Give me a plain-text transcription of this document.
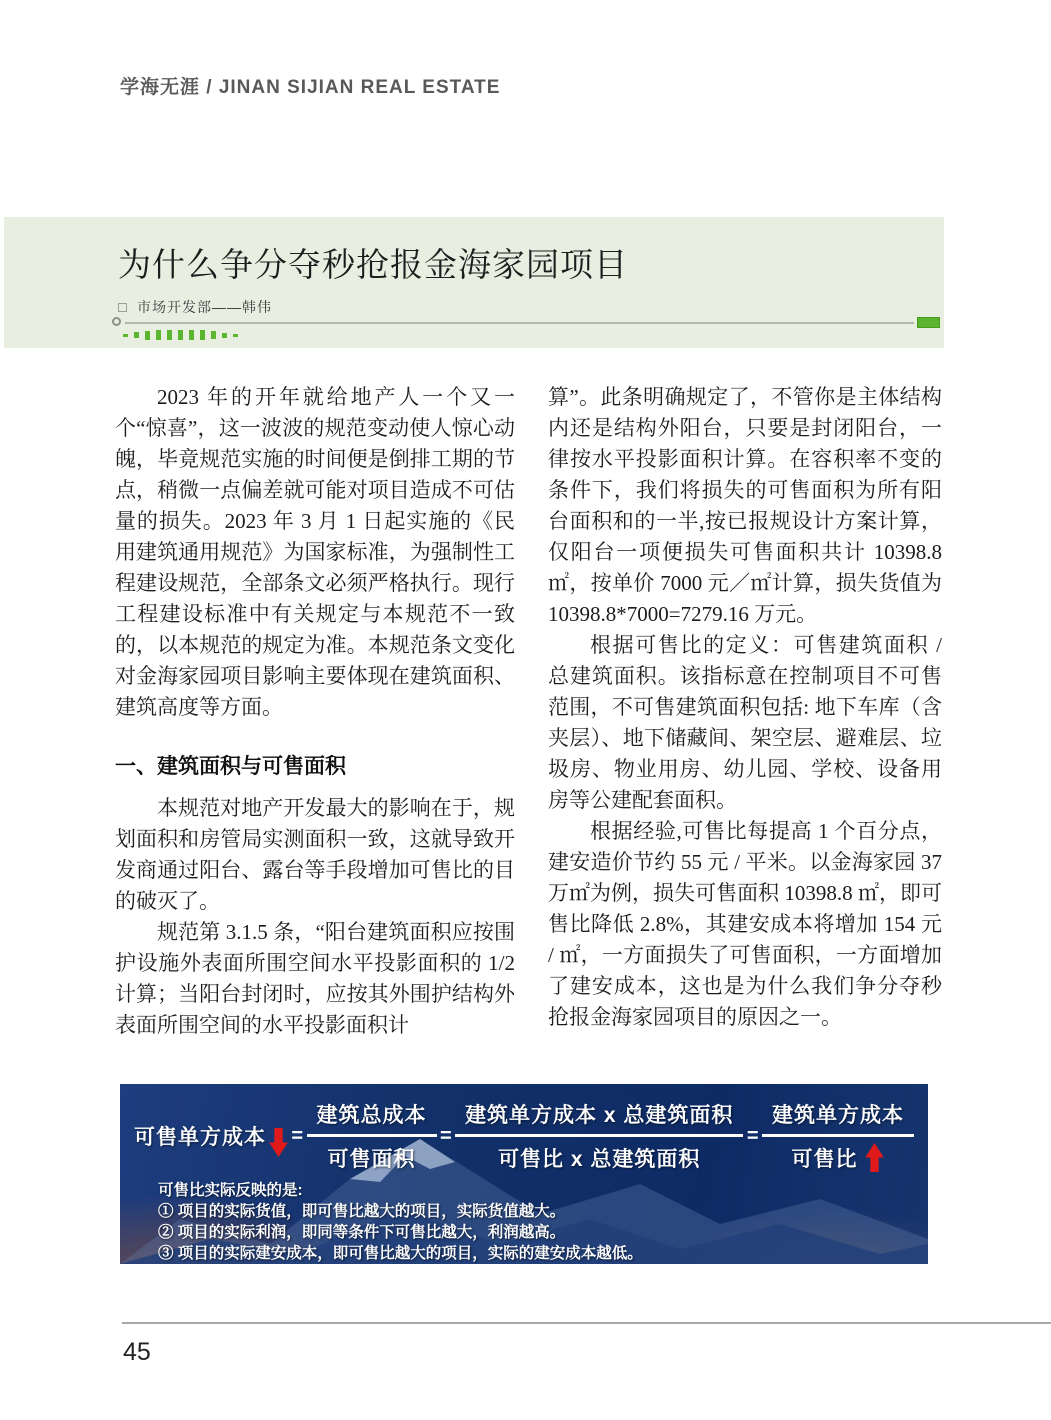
学海无涯 / JINAN SIJIAN REAL ESTATE
为什么争分夺秒抢报金海家园项目
市场开发部——韩伟

2023 年的开年就给地产人一个又一个“惊喜”，这一波波的规范变动使人惊心动魄，毕竟规范实施的时间便是倒排工期的节点，稍微一点偏差就可能对项目造成不可估量的损失。2023 年 3 月 1 日起实施的《民用建筑通用规范》为国家标准，为强制性工程建设规范，全部条文必须严格执行。现行工程建设标准中有关规定与本规范不一致的，以本规范的规定为准。本规范条文变化对金海家园项目影响主要体现在建筑面积、建筑高度等方面。

一、建筑面积与可售面积

本规范对地产开发最大的影响在于，规划面积和房管局实测面积一致，这就导致开发商通过阳台、露台等手段增加可售比的目的破灭了。

规范第 3.1.5 条，“阳台建筑面积应按围护设施外表面所围空间水平投影面积的 1/2 计算；当阳台封闭时，应按其外围护结构外表面所围空间的水平投影面积计

算”。此条明确规定了，不管你是主体结构内还是结构外阳台，只要是封闭阳台，一律按水平投影面积计算。在容积率不变的条件下，我们将损失的可售面积为所有阳台面积和的一半,按已报规设计方案计算，仅阳台一项便损失可售面积共计 10398.8 ㎡，按单价 7000 元／㎡计算，损失货值为 10398.8*7000=7279.16 万元。

根据可售比的定义：可售建筑面积 / 总建筑面积。该指标意在控制项目不可售范围，不可售建筑面积包括: 地下车库（含夹层）、地下储藏间、架空层、避难层、垃圾房、物业用房、幼儿园、学校、设备用房等公建配套面积。

根据经验,可售比每提高 1 个百分点，建安造价节约 55 元 / 平米。以金海家园 37 万㎡为例，损失可售面积 10398.8 ㎡，即可售比降低 2.8%，其建安成本将增加 154 元 / ㎡，一方面损失了可售面积，一方面增加了建安成本，这也是为什么我们争分夺秒抢报金海家园项目的原因之一。

可售单方成本 = $\frac{\text{建筑总成本}}{\text{可售面积}} = \frac{\text{建筑单方成本 x 总建筑面积}}{\text{可售比 x 总建筑面积}} = \frac{\text{建筑单方成本}}{\text{可售比}}$
可售比实际反映的是:
① 项目的实际货值，即可售比越大的项目，实际货值越大。
② 项目的实际利润，即同等条件下可售比越大，利润越高。
③ 项目的实际建安成本，即可售比越大的项目，实际的建安成本越低。
45
